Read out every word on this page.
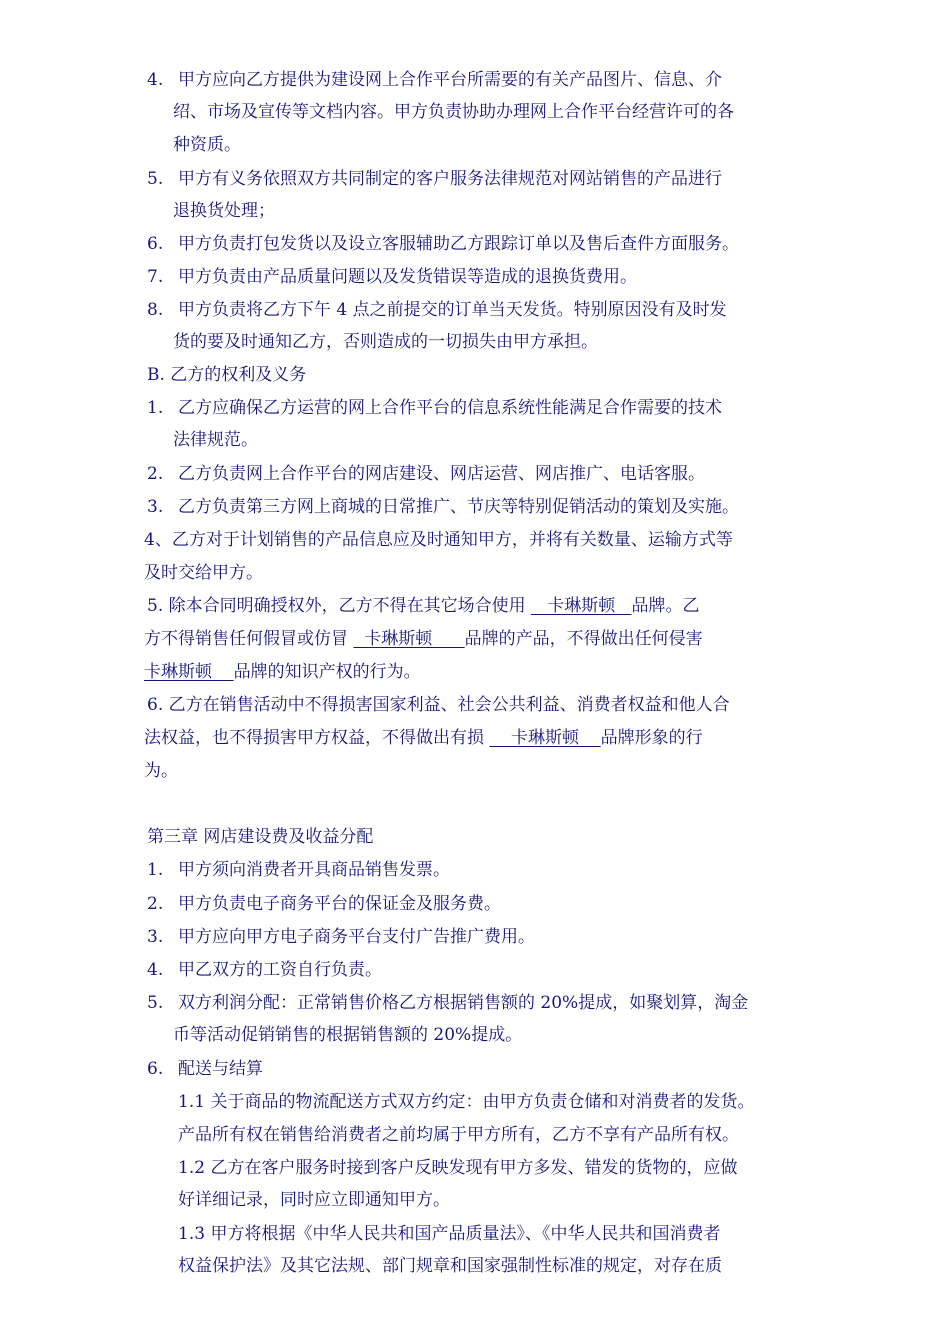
4. 甲方应向乙方提供为建设网上合作平台所需要的有关产品图片、信息、介
绍、市场及宣传等文档内容。甲方负责协助办理网上合作平台经营许可的各
种资质。
5. 甲方有义务依照双方共同制定的客户服务法律规范对网站销售的产品进行
退换货处理；
6. 甲方负责打包发货以及设立客服辅助乙方跟踪订单以及售后查件方面服务。
7. 甲方负责由产品质量问题以及发货错误等造成的退换货费用。
8. 甲方负责将乙方下午 4 点之前提交的订单当天发货。特别原因没有及时发
货的要及时通知乙方，否则造成的一切损失由甲方承担。
B. 乙方的权利及义务
1. 乙方应确保乙方运营的网上合作平台的信息系统性能满足合作需要的技术
法律规范。
2. 乙方负责网上合作平台的网店建设、网店运营、网店推广、电话客服。
3. 乙方负责第三方网上商城的日常推广、节庆等特别促销活动的策划及实施。
4、乙方对于计划销售的产品信息应及时通知甲方，并将有关数量、运输方式等
及时交给甲方。
5. 除本合同明确授权外，乙方不得在其它场合使用    卡琳斯顿   品牌。乙
方不得销售任何假冒或仿冒   卡琳斯顿      品牌的产品，不得做出任何侵害
卡琳斯顿    品牌的知识产权的行为。
6. 乙方在销售活动中不得损害国家利益、社会公共利益、消费者权益和他人合
法权益，也不得损害甲方权益，不得做出有损     卡琳斯顿    品牌形象的行
为。
第三章 网店建设费及收益分配
1. 甲方须向消费者开具商品销售发票。
2. 甲方负责电子商务平台的保证金及服务费。
3. 甲方应向甲方电子商务平台支付广告推广费用。
4. 甲乙双方的工资自行负责。
5. 双方利润分配：正常销售价格乙方根据销售额的 20%提成，如聚划算，淘金
币等活动促销销售的根据销售额的 20%提成。
6. 配送与结算
1.1 关于商品的物流配送方式双方约定：由甲方负责仓储和对消费者的发货。
产品所有权在销售给消费者之前均属于甲方所有，乙方不享有产品所有权。
1.2 乙方在客户服务时接到客户反映发现有甲方多发、错发的货物的，应做
好详细记录，同时应立即通知甲方。
1.3 甲方将根据《中华人民共和国产品质量法》、《中华人民共和国消费者
权益保护法》及其它法规、部门规章和国家强制性标准的规定，对存在质
